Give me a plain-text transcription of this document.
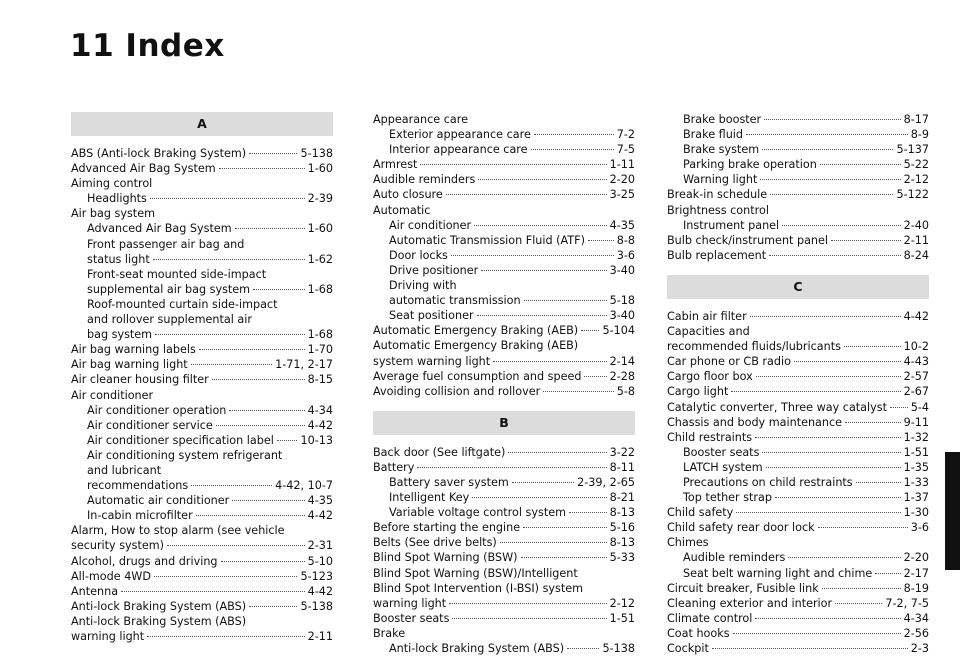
11 Index
A
ABS (Anti-lock Braking System)	5-138
Advanced Air Bag System	1-60
Aiming control
Headlights	2-39
Air bag system
Advanced Air Bag System	1-60
Front passenger air bag and
status light	1-62
Front-seat mounted side-impact
supplemental air bag system	1-68
Roof-mounted curtain side-impact
and rollover supplemental air
bag system	1-68
Air bag warning labels	1-70
Air bag warning light	1-71, 2-17
Air cleaner housing filter	8-15
Air conditioner
Air conditioner operation	4-34
Air conditioner service	4-42
Air conditioner specification label 10-13
Air conditioning system refrigerant
and lubricant
recommendations	4-42, 10-7
Automatic air conditioner	4-35
In-cabin microfilter	4-42
Alarm, How to stop alarm (see vehicle
security system)	2-31
Alcohol, drugs and driving	5-10
All-mode 4WD	5-123
Antenna	4-42
Anti-lock Braking System (ABS)	5-138
Anti-lock Braking System (ABS)
warning light	2-11
Appearance care
Exterior appearance care	7-2
Interior appearance care	7-5
Armrest	1-11
Audible reminders	2-20
Auto closure	3-25
Automatic
Air conditioner	4-35
Automatic Transmission Fluid (ATF)	8-8
Door locks	3-6
Drive positioner	3-40
Driving with
automatic transmission	5-18
Seat positioner	3-40
Automatic Emergency Braking (AEB) 5-104
Automatic Emergency Braking (AEB)
system warning light	2-14
Average fuel consumption and speed	2-28
Avoiding collision and rollover	5-8
B
Back door (See liftgate)	3-22
Battery	8-11
Battery saver system	2-39, 2-65
Intelligent Key	8-21
Variable voltage control system	8-13
Before starting the engine	5-16
Belts (See drive belts)	8-13
Blind Spot Warning (BSW)	5-33
Blind Spot Warning (BSW)/Intelligent
Blind Spot Intervention (I-BSI) system
warning light	2-12
Booster seats	1-51
Brake
Anti-lock Braking System (ABS)	5-138
Brake booster	8-17
Brake fluid	8-9
Brake system	5-137
Parking brake operation	5-22
Warning light	2-12
Break-in schedule	5-122
Brightness control
Instrument panel	2-40
Bulb check/instrument panel	2-11
Bulb replacement	8-24
C
Cabin air filter	4-42
Capacities and
recommended fluids/lubricants	10-2
Car phone or CB radio	4-43
Cargo floor box	2-57
Cargo light	2-67
Catalytic converter, Three way catalyst 5-4
Chassis and body maintenance	9-11
Child restraints	1-32
Booster seats	1-51
LATCH system	1-35
Precautions on child restraints	1-33
Top tether strap	1-37
Child safety	1-30
Child safety rear door lock	3-6
Chimes
Audible reminders	2-20
Seat belt warning light and chime	2-17
Circuit breaker, Fusible link	8-19
Cleaning exterior and interior	7-2, 7-5
Climate control	4-34
Coat hooks	2-56
Cockpit	2-3
